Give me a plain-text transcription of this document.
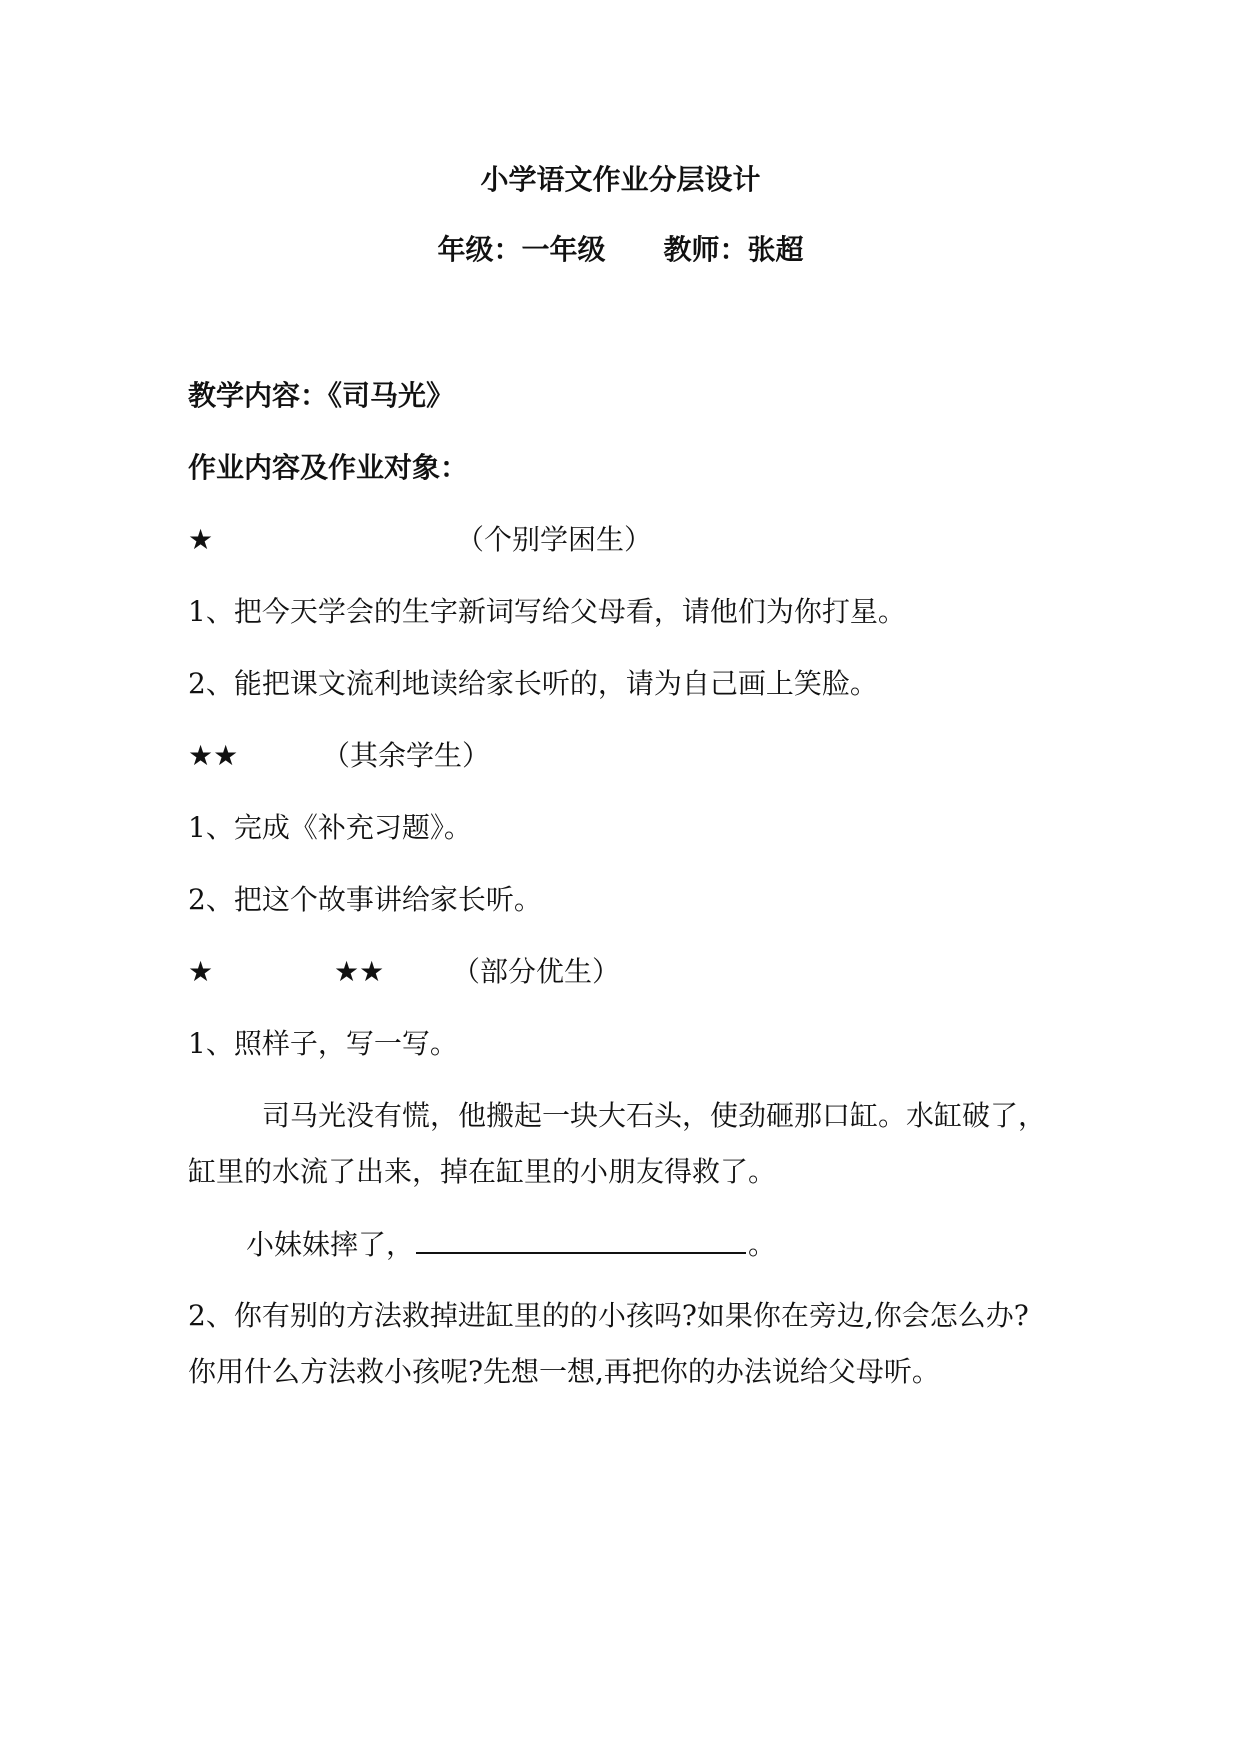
小学语文作业分层设计
年级：一年级 教师：张超
教学内容：《司马光》
作业内容及作业对象：
★	（个别学困生）
1、把今天学会的生字新词写给父母看，请他们为你打星。
2、能把课文流利地读给家长听的，请为自己画上笑脸。
★★	（其余学生）
1、完成《补充习题》。
2、把这个故事讲给家长听。
★	★★ （部分优生）
1、照样子，写一写。
司马光没有慌，他搬起一块大石头，使劲砸那口缸。水缸破了，
缸里的水流了出来，掉在缸里的小朋友得救了。
小妹妹摔了，	。
2、你有别的方法救掉进缸里的的小孩吗?如果你在旁边,你会怎么办?
你用什么方法救小孩呢?先想一想,再把你的办法说给父母听。
